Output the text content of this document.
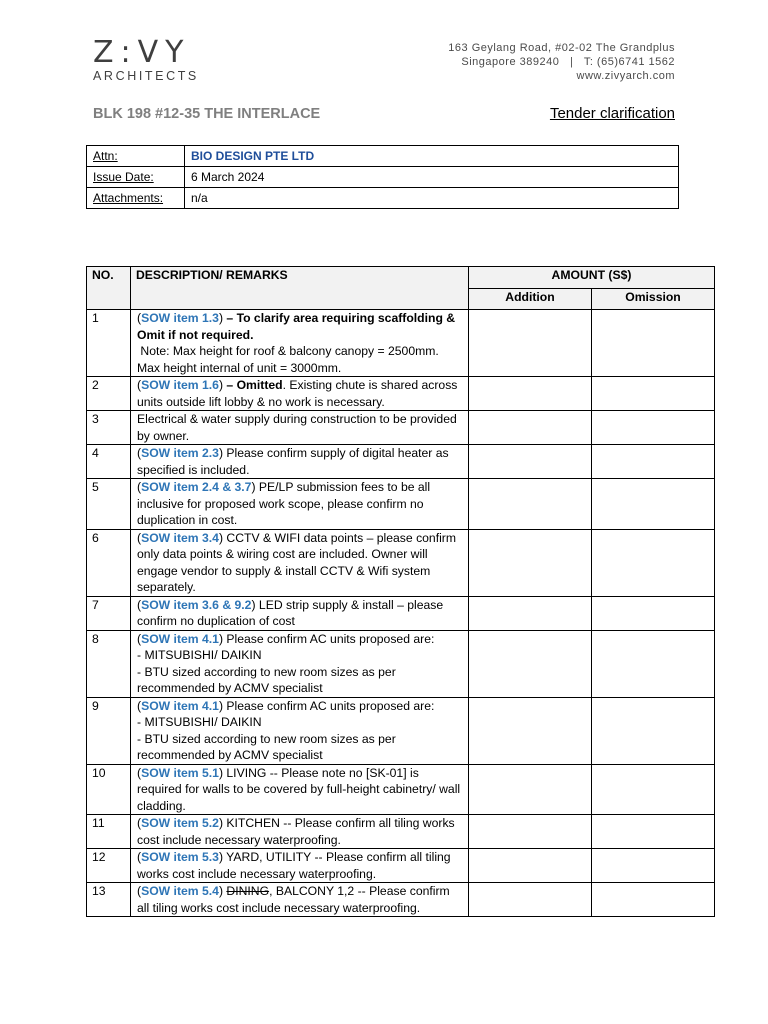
Z:VY
ARCHITECTS
163 Geylang Road, #02-02 The Grandplus
Singapore 389240   |   T: (65)6741 1562
www.zivyarch.com
BLK 198 #12-35 THE INTERLACE	Tender clarification
Attn:	BIO DESIGN PTE LTD
Issue Date:	6 March 2024
Attachments:	n/a
NO.	DESCRIPTION/ REMARKS	AMOUNT (S$)	
		Addition	Omission
1	(SOW item 1.3) – To clarify area requiring scaffolding & Omit if not required.
Note: Max height for roof & balcony canopy = 2500mm. Max height internal of unit = 3000mm.		
2	(SOW item 1.6) – Omitted. Existing chute is shared across units outside lift lobby & no work is necessary.		
3	Electrical & water supply during construction to be provided by owner.		
4	(SOW item 2.3) Please confirm supply of digital heater as specified is included.		
5	(SOW item 2.4 & 3.7) PE/LP submission fees to be all inclusive for proposed work scope, please confirm no duplication in cost.		
6	(SOW item 3.4) CCTV & WIFI data points – please confirm only data points & wiring cost are included. Owner will engage vendor to supply & install CCTV & Wifi system separately.		
7	(SOW item 3.6 & 9.2) LED strip supply & install – please confirm no duplication of cost		
8	(SOW item 4.1) Please confirm AC units proposed are:
- MITSUBISHI/ DAIKIN
- BTU sized according to new room sizes as per recommended by ACMV specialist		
9	(SOW item 4.1) Please confirm AC units proposed are:
- MITSUBISHI/ DAIKIN
- BTU sized according to new room sizes as per recommended by ACMV specialist		
10	(SOW item 5.1) LIVING -- Please note no [SK-01] is required for walls to be covered by full-height cabinetry/ wall cladding.		
11	(SOW item 5.2) KITCHEN -- Please confirm all tiling works cost include necessary waterproofing.		
12	(SOW item 5.3) YARD, UTILITY -- Please confirm all tiling works cost include necessary waterproofing.		
13	(SOW item 5.4) DINING, BALCONY 1,2 -- Please confirm all tiling works cost include necessary waterproofing.		
